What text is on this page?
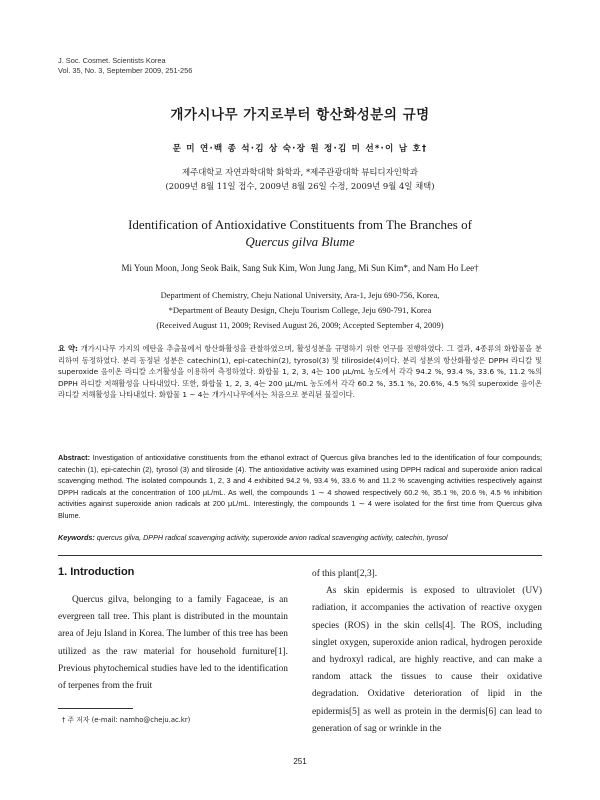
J. Soc. Cosmet. Scientists Korea
Vol. 35, No. 3, September 2009, 251-256
개가시나무 가지로부터 항산화성분의 규명
문 미 연·백 종 석·김 상 숙·장 원 정·김 미 선*·이 남 호†
제주대학교 자연과학대학 화학과, *제주관광대학 뷰티디자인학과
(2009년 8월 11일 접수, 2009년 8월 26일 수정, 2009년 9월 4일 채택)
Identification of Antioxidative Constituents from The Branches of
Quercus gilva Blume
Mi Youn Moon, Jong Seok Baik, Sang Suk Kim, Won Jung Jang, Mi Sun Kim*, and Nam Ho Lee†
Department of Chemistry, Cheju National University, Ara-1, Jeju 690-756, Korea,
*Department of Beauty Design, Cheju Tourism College, Jeju 690-791, Korea
(Received August 11, 2009; Revised August 26, 2009; Accepted September 4, 2009)
요 약: 개가시나무 가지의 에탄올 추출물에서 항산화활성을 관찰하였으며, 활성성분을 규명하기 위한 연구를 진행하였다. 그 결과, 4종류의 화합물을 분리하여 동정하였다. 분리 동정된 성분은 catechin(1), epi-catechin(2), tyrosol(3) 및 tiliroside(4)이다. 분리 성분의 항산화활성은 DPPH 라디칼 및 superoxide 음이온 라디칼 소거활성을 이용하여 측정하였다. 화합물 1, 2, 3, 4는 100 μL/mL 농도에서 각각 94.2 %, 93.4 %, 33.6 %, 11.2 %의 DPPH 라디칼 저해활성을 나타내었다. 또한, 화합물 1, 2, 3, 4는 200 μL/mL 농도에서 각각 60.2 %, 35.1 %, 20.6%, 4.5 %의 superoxide 음이온 라디칼 저해활성을 나타내었다. 화합물 1 ∼ 4는 개가시나무에서는 처음으로 분리된 물질이다.
Abstract: Investigation of antioxidative constituents from the ethanol extract of Quercus gilva branches led to the identification of four compounds; catechin (1), epi-catechin (2), tyrosol (3) and tiliroside (4). The antioxidative activity was examined using DPPH radical and superoxide anion radical scavenging method. The isolated compounds 1, 2, 3 and 4 exhibited 94.2 %, 93.4 %, 33.6 % and 11.2 % scavenging activities respectively against DPPH radicals at the concentration of 100 μL/mL. As well, the compounds 1 ∼ 4 showed respectively 60.2 %, 35.1 %, 20.6 %, 4.5 % inhibition activities against superoxide anion radicals at 200 μL/mL. Interestingly, the compounds 1 ∼ 4 were isolated for the first time from Quercus gilva Blume.
Keywords: quercus gilva, DPPH radical scavenging activity, superoxide anion radical scavenging activity, catechin, tyrosol
1. Introduction

Quercus gilva, belonging to a family Fagaceae, is an evergreen tall tree. This plant is distributed in the mountain area of Jeju Island in Korea. The lumber of this tree has been utilized as the raw material for household furniture[1]. Previous phytochemical studies have led to the identification of terpenes from the fruit

of this plant[2,3].

As skin epidermis is exposed to ultraviolet (UV) radiation, it accompanies the activation of reactive oxygen species (ROS) in the skin cells[4]. The ROS, including singlet oxygen, superoxide anion radical, hydrogen peroxide and hydroxyl radical, are highly reactive, and can make a random attack the tissues to cause their oxidative degradation. Oxidative deterioration of lipid in the epidermis[5] as well as protein in the dermis[6] can lead to generation of sag or wrinkle in the

† 주 저자 (e-mail: namho@cheju.ac.kr)
251
